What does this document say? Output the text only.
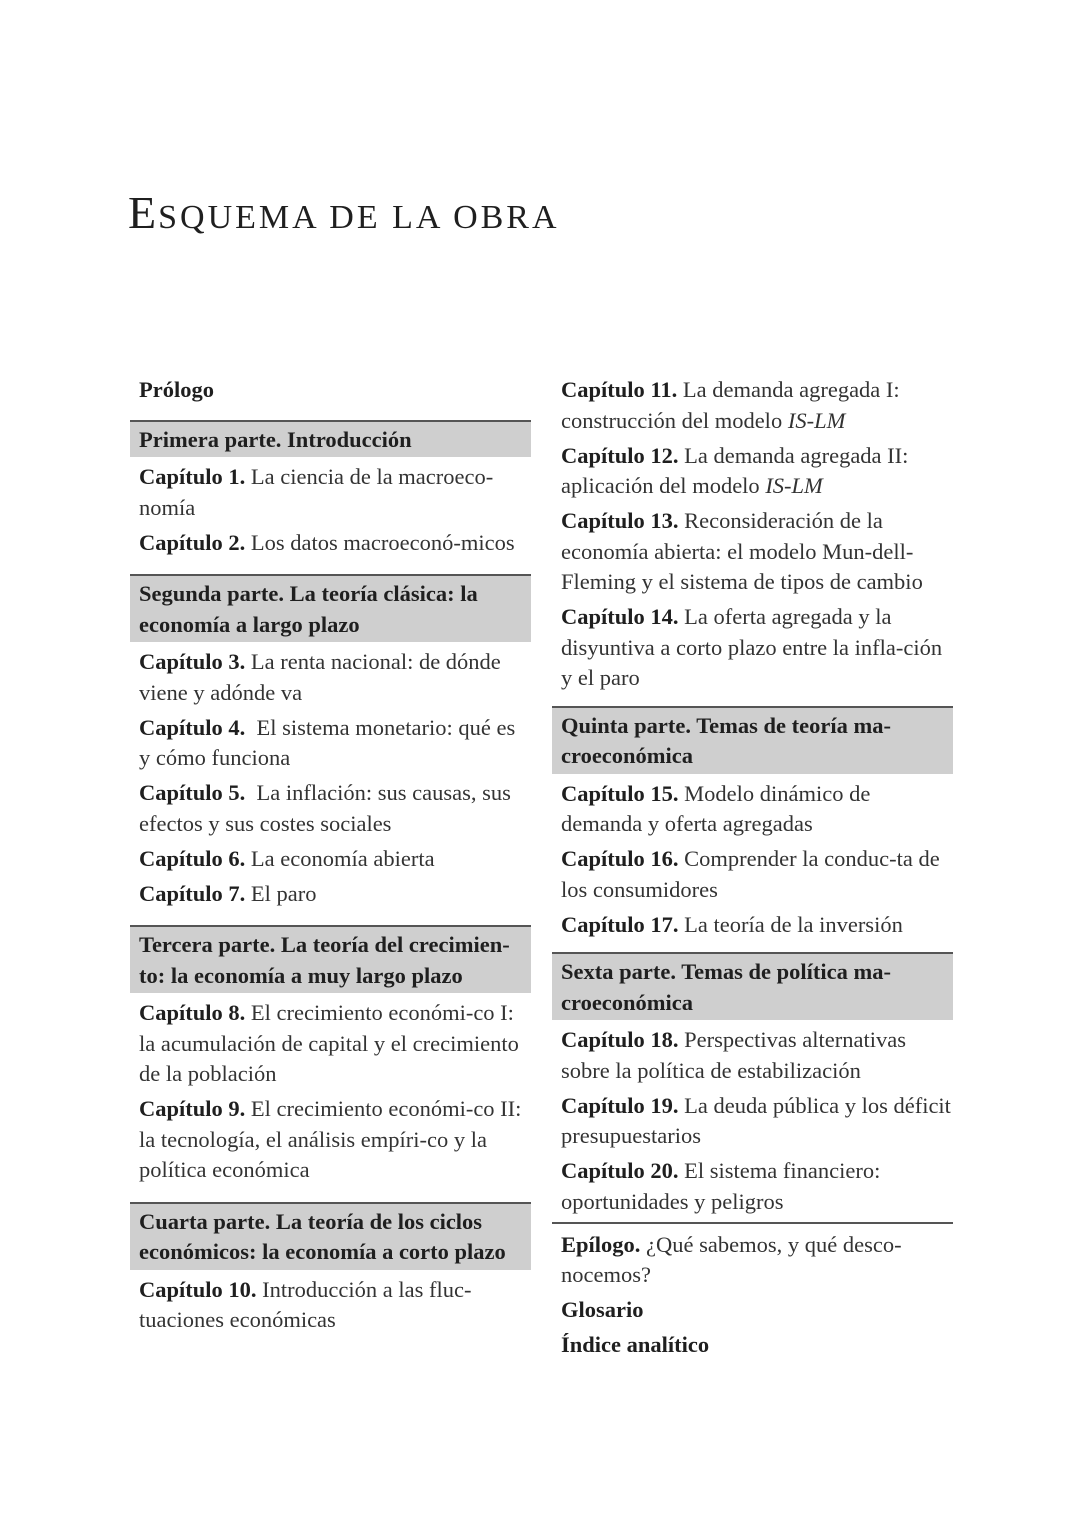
ESQUEMA DE LA OBRA
Prólogo
Primera parte. Introducción
Capítulo 1. La ciencia de la macroeco-nomía
Capítulo 2. Los datos macroeconó-micos
Segunda parte. La teoría clásica: la economía a largo plazo
Capítulo 3. La renta nacional: de dónde viene y adónde va
Capítulo 4. El sistema monetario: qué es y cómo funciona
Capítulo 5. La inflación: sus causas, sus efectos y sus costes sociales
Capítulo 6. La economía abierta
Capítulo 7. El paro
Tercera parte. La teoría del crecimien-to: la economía a muy largo plazo
Capítulo 8. El crecimiento económi-co I: la acumulación de capital y el crecimiento de la población
Capítulo 9. El crecimiento económi-co II: la tecnología, el análisis empíri-co y la política económica
Cuarta parte. La teoría de los ciclos económicos: la economía a corto plazo
Capítulo 10. Introducción a las fluc-tuaciones económicas
Capítulo 11. La demanda agregada I: construcción del modelo IS-LM
Capítulo 12. La demanda agregada II: aplicación del modelo IS-LM
Capítulo 13. Reconsideración de la economía abierta: el modelo Mun-dell-Fleming y el sistema de tipos de cambio
Capítulo 14. La oferta agregada y la disyuntiva a corto plazo entre la infla-ción y el paro
Quinta parte. Temas de teoría ma-croeconómica
Capítulo 15. Modelo dinámico de demanda y oferta agregadas
Capítulo 16. Comprender la conduc-ta de los consumidores
Capítulo 17. La teoría de la inversión
Sexta parte. Temas de política ma-croeconómica
Capítulo 18. Perspectivas alternativas sobre la política de estabilización
Capítulo 19. La deuda pública y los déficit presupuestarios
Capítulo 20. El sistema financiero: oportunidades y peligros
Epílogo. ¿Qué sabemos, y qué desco-nocemos?
Glosario
Índice analítico
